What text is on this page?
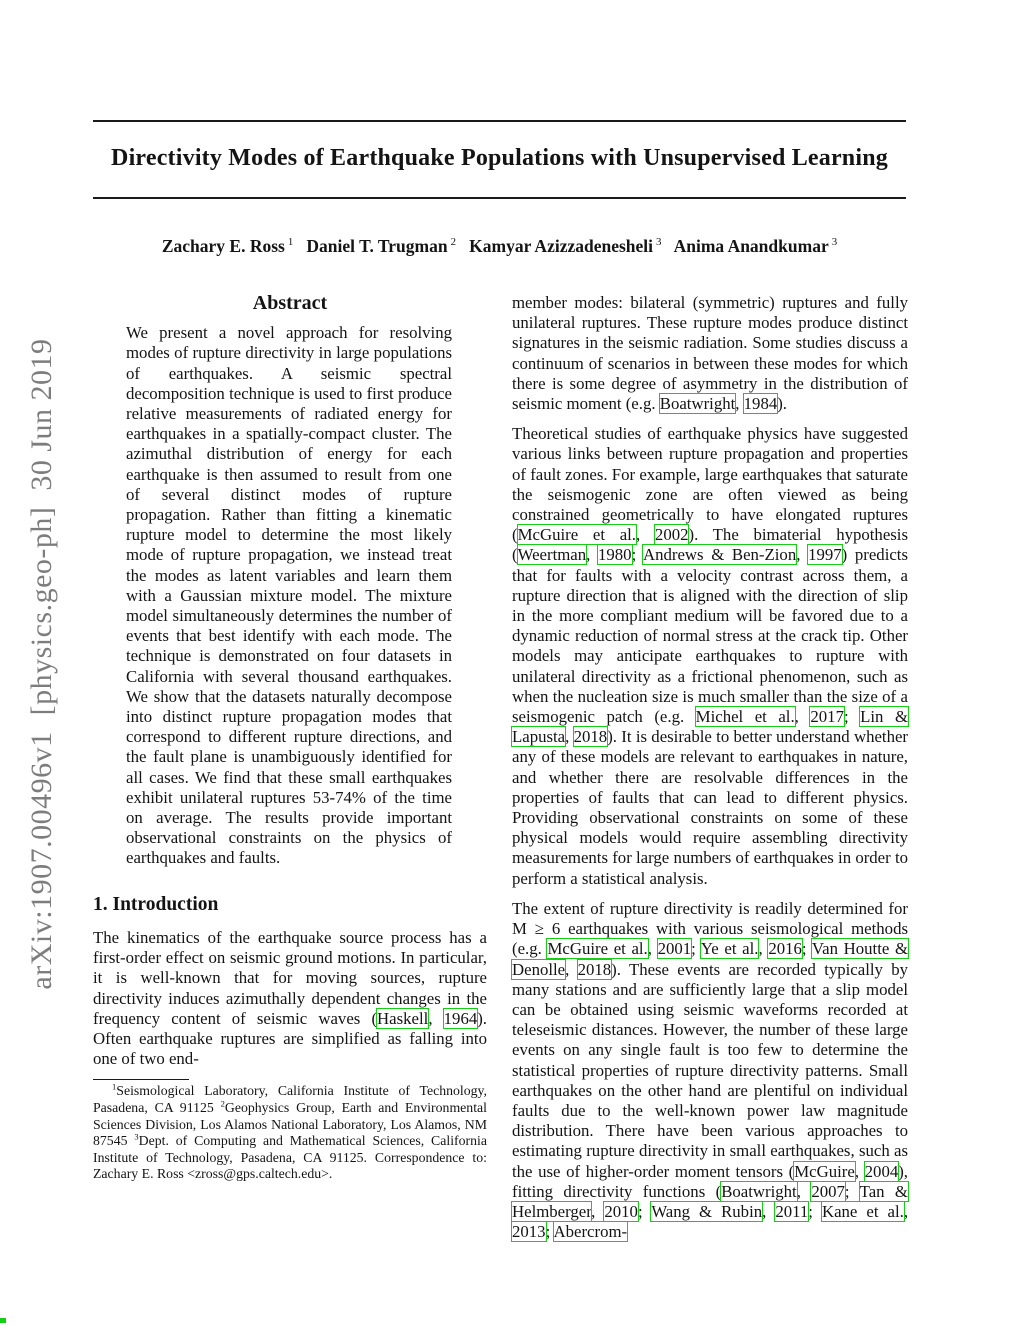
arXiv:1907.00496v1  [physics.geo-ph]  30 Jun 2019
Directivity Modes of Earthquake Populations with Unsupervised Learning
Zachary E. Ross $^1$   Daniel T. Trugman $^2$   Kamyar Azizzadenesheli $^3$   Anima Anandkumar $^3$
Abstract
We present a novel approach for resolving modes of rupture directivity in large populations of earthquakes. A seismic spectral decomposition technique is used to first produce relative measurements of radiated energy for earthquakes in a spatially-compact cluster. The azimuthal distribution of energy for each earthquake is then assumed to result from one of several distinct modes of rupture propagation. Rather than fitting a kinematic rupture model to determine the most likely mode of rupture propagation, we instead treat the modes as latent variables and learn them with a Gaussian mixture model. The mixture model simultaneously determines the number of events that best identify with each mode. The technique is demonstrated on four datasets in California with several thousand earthquakes. We show that the datasets naturally decompose into distinct rupture propagation modes that correspond to different rupture directions, and the fault plane is unambiguously identified for all cases. We find that these small earthquakes exhibit unilateral ruptures 53-74% of the time on average. The results provide important observational constraints on the physics of earthquakes and faults.
1. Introduction
The kinematics of the earthquake source process has a first-order effect on seismic ground motions. In particular, it is well-known that for moving sources, rupture directivity induces azimuthally dependent changes in the frequency content of seismic waves (Haskell, 1964). Often earthquake ruptures are simplified as falling into one of two end-
$^1$Seismological Laboratory, California Institute of Technology, Pasadena, CA 91125 $^2$Geophysics Group, Earth and Environmental Sciences Division, Los Alamos National Laboratory, Los Alamos, NM 87545 $^3$Dept. of Computing and Mathematical Sciences, California Institute of Technology, Pasadena, CA 91125. Correspondence to: Zachary E. Ross <zross@gps.caltech.edu>.
member modes: bilateral (symmetric) ruptures and fully unilateral ruptures. These rupture modes produce distinct signatures in the seismic radiation. Some studies discuss a continuum of scenarios in between these modes for which there is some degree of asymmetry in the distribution of seismic moment (e.g. Boatwright, 1984).
Theoretical studies of earthquake physics have suggested various links between rupture propagation and properties of fault zones. For example, large earthquakes that saturate the seismogenic zone are often viewed as being constrained geometrically to have elongated ruptures (McGuire et al., 2002). The bimaterial hypothesis (Weertman, 1980; Andrews & Ben-Zion, 1997) predicts that for faults with a velocity contrast across them, a rupture direction that is aligned with the direction of slip in the more compliant medium will be favored due to a dynamic reduction of normal stress at the crack tip. Other models may anticipate earthquakes to rupture with unilateral directivity as a frictional phenomenon, such as when the nucleation size is much smaller than the size of a seismogenic patch (e.g. Michel et al., 2017; Lin & Lapusta, 2018). It is desirable to better understand whether any of these models are relevant to earthquakes in nature, and whether there are resolvable differences in the properties of faults that can lead to different physics. Providing observational constraints on some of these physical models would require assembling directivity measurements for large numbers of earthquakes in order to perform a statistical analysis.
The extent of rupture directivity is readily determined for M ≥ 6 earthquakes with various seismological methods (e.g. McGuire et al., 2001; Ye et al., 2016; Van Houtte & Denolle, 2018). These events are recorded typically by many stations and are sufficiently large that a slip model can be obtained using seismic waveforms recorded at teleseismic distances. However, the number of these large events on any single fault is too few to determine the statistical properties of rupture directivity patterns. Small earthquakes on the other hand are plentiful on individual faults due to the well-known power law magnitude distribution. There have been various approaches to estimating rupture directivity in small earthquakes, such as the use of higher-order moment tensors (McGuire, 2004), fitting directivity functions (Boatwright, 2007; Tan & Helmberger, 2010; Wang & Rubin, 2011; Kane et al., 2013; Abercrom-
